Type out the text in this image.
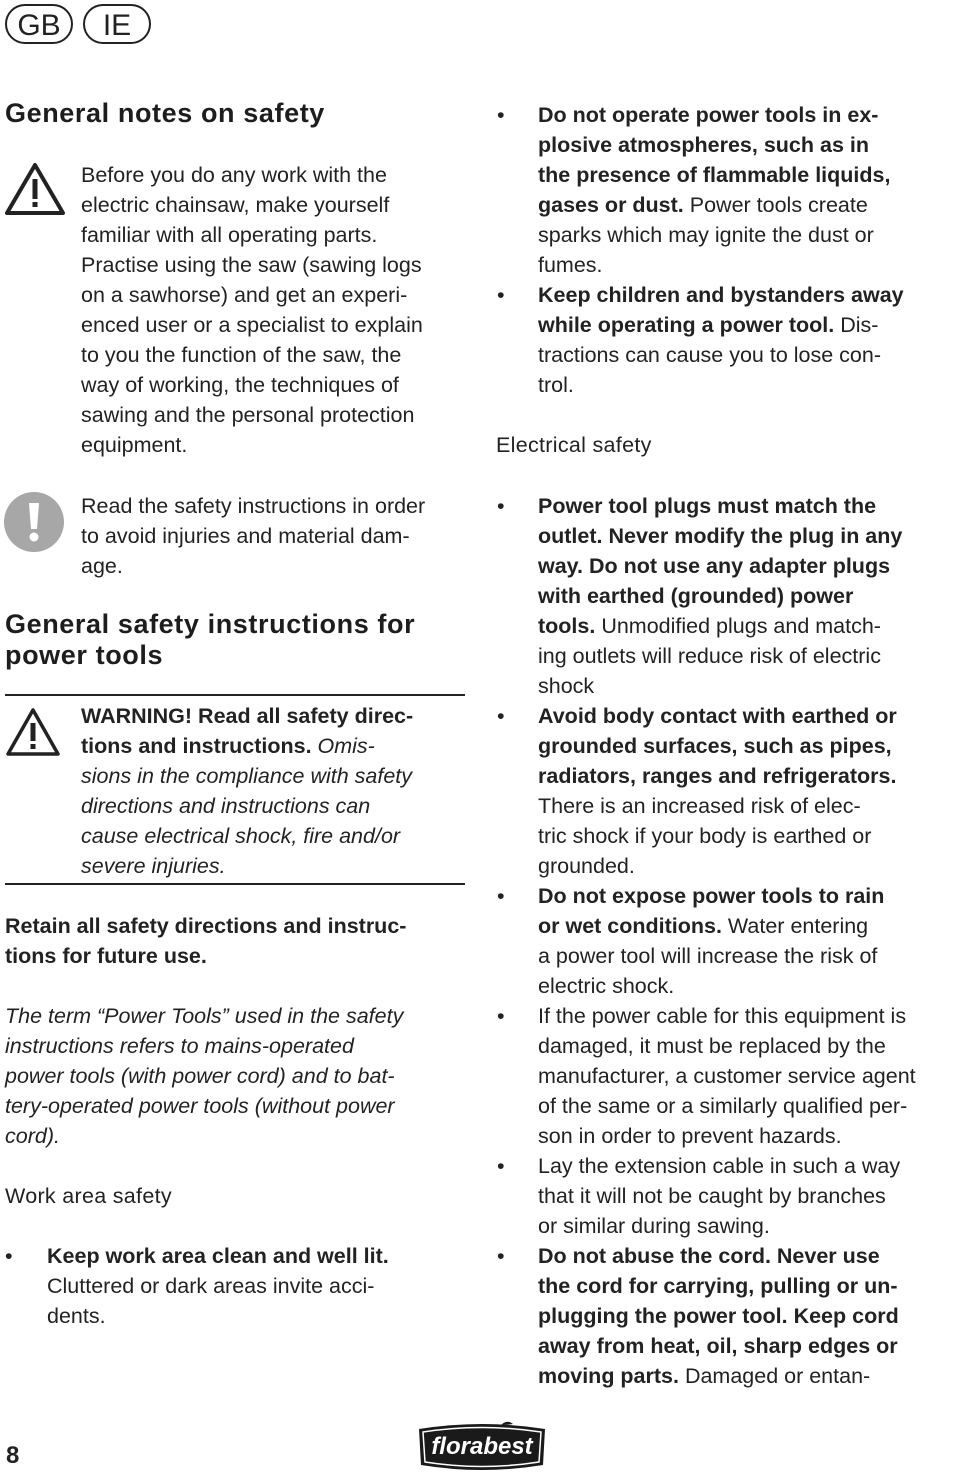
GB	IE
General notes on safety

Before you do any work with the

electric chainsaw, make yourself

familiar with all operating parts.

Practise using the saw (sawing logs

on a sawhorse) and get an experi-

enced user or a specialist to explain

to you the function of the saw, the

way of working, the techniques of

sawing and the personal protection

equipment.

Read the safety instructions in order

to avoid injuries and material dam-

age.

General safety instructions for
power tools

WARNING! Read all safety direc-

tions and instructions. Omis-

sions in the compliance with safety

directions and instructions can

cause electrical shock, fire and/or

severe injuries.

Retain all safety directions and instruc-

tions for future use.

The term “Power Tools” used in the safety

instructions refers to mains-operated

power tools (with power cord) and to bat-

tery-operated power tools (without power

cord).

Work area safety

• Keep work area clean and well lit.

Cluttered or dark areas invite acci-

dents.

• Do not operate power tools in ex-

plosive atmospheres, such as in

the presence of flammable liquids,

gases or dust. Power tools create

sparks which may ignite the dust or

fumes.

• Keep children and bystanders away

while operating a power tool. Dis-

tractions can cause you to lose con-

trol.

Electrical safety

• Power tool plugs must match the

outlet. Never modify the plug in any

way. Do not use any adapter plugs

with earthed (grounded) power

tools. Unmodified plugs and match-

ing outlets will reduce risk of electric

shock

• Avoid body contact with earthed or

grounded surfaces, such as pipes,

radiators, ranges and refrigerators.

There is an increased risk of elec-

tric shock if your body is earthed or

grounded.

• Do not expose power tools to rain

or wet conditions. Water entering

a power tool will increase the risk of

electric shock.

• If the power cable for this equipment is

damaged, it must be replaced by the

manufacturer, a customer service agent

of the same or a similarly qualified per-

son in order to prevent hazards.

• Lay the extension cable in such a way

that it will not be caught by branches

or similar during sawing.

• Do not abuse the cord. Never use

the cord for carrying, pulling or un-

plugging the power tool. Keep cord

away from heat, oil, sharp edges or

moving parts. Damaged or entan-

8	florabest
